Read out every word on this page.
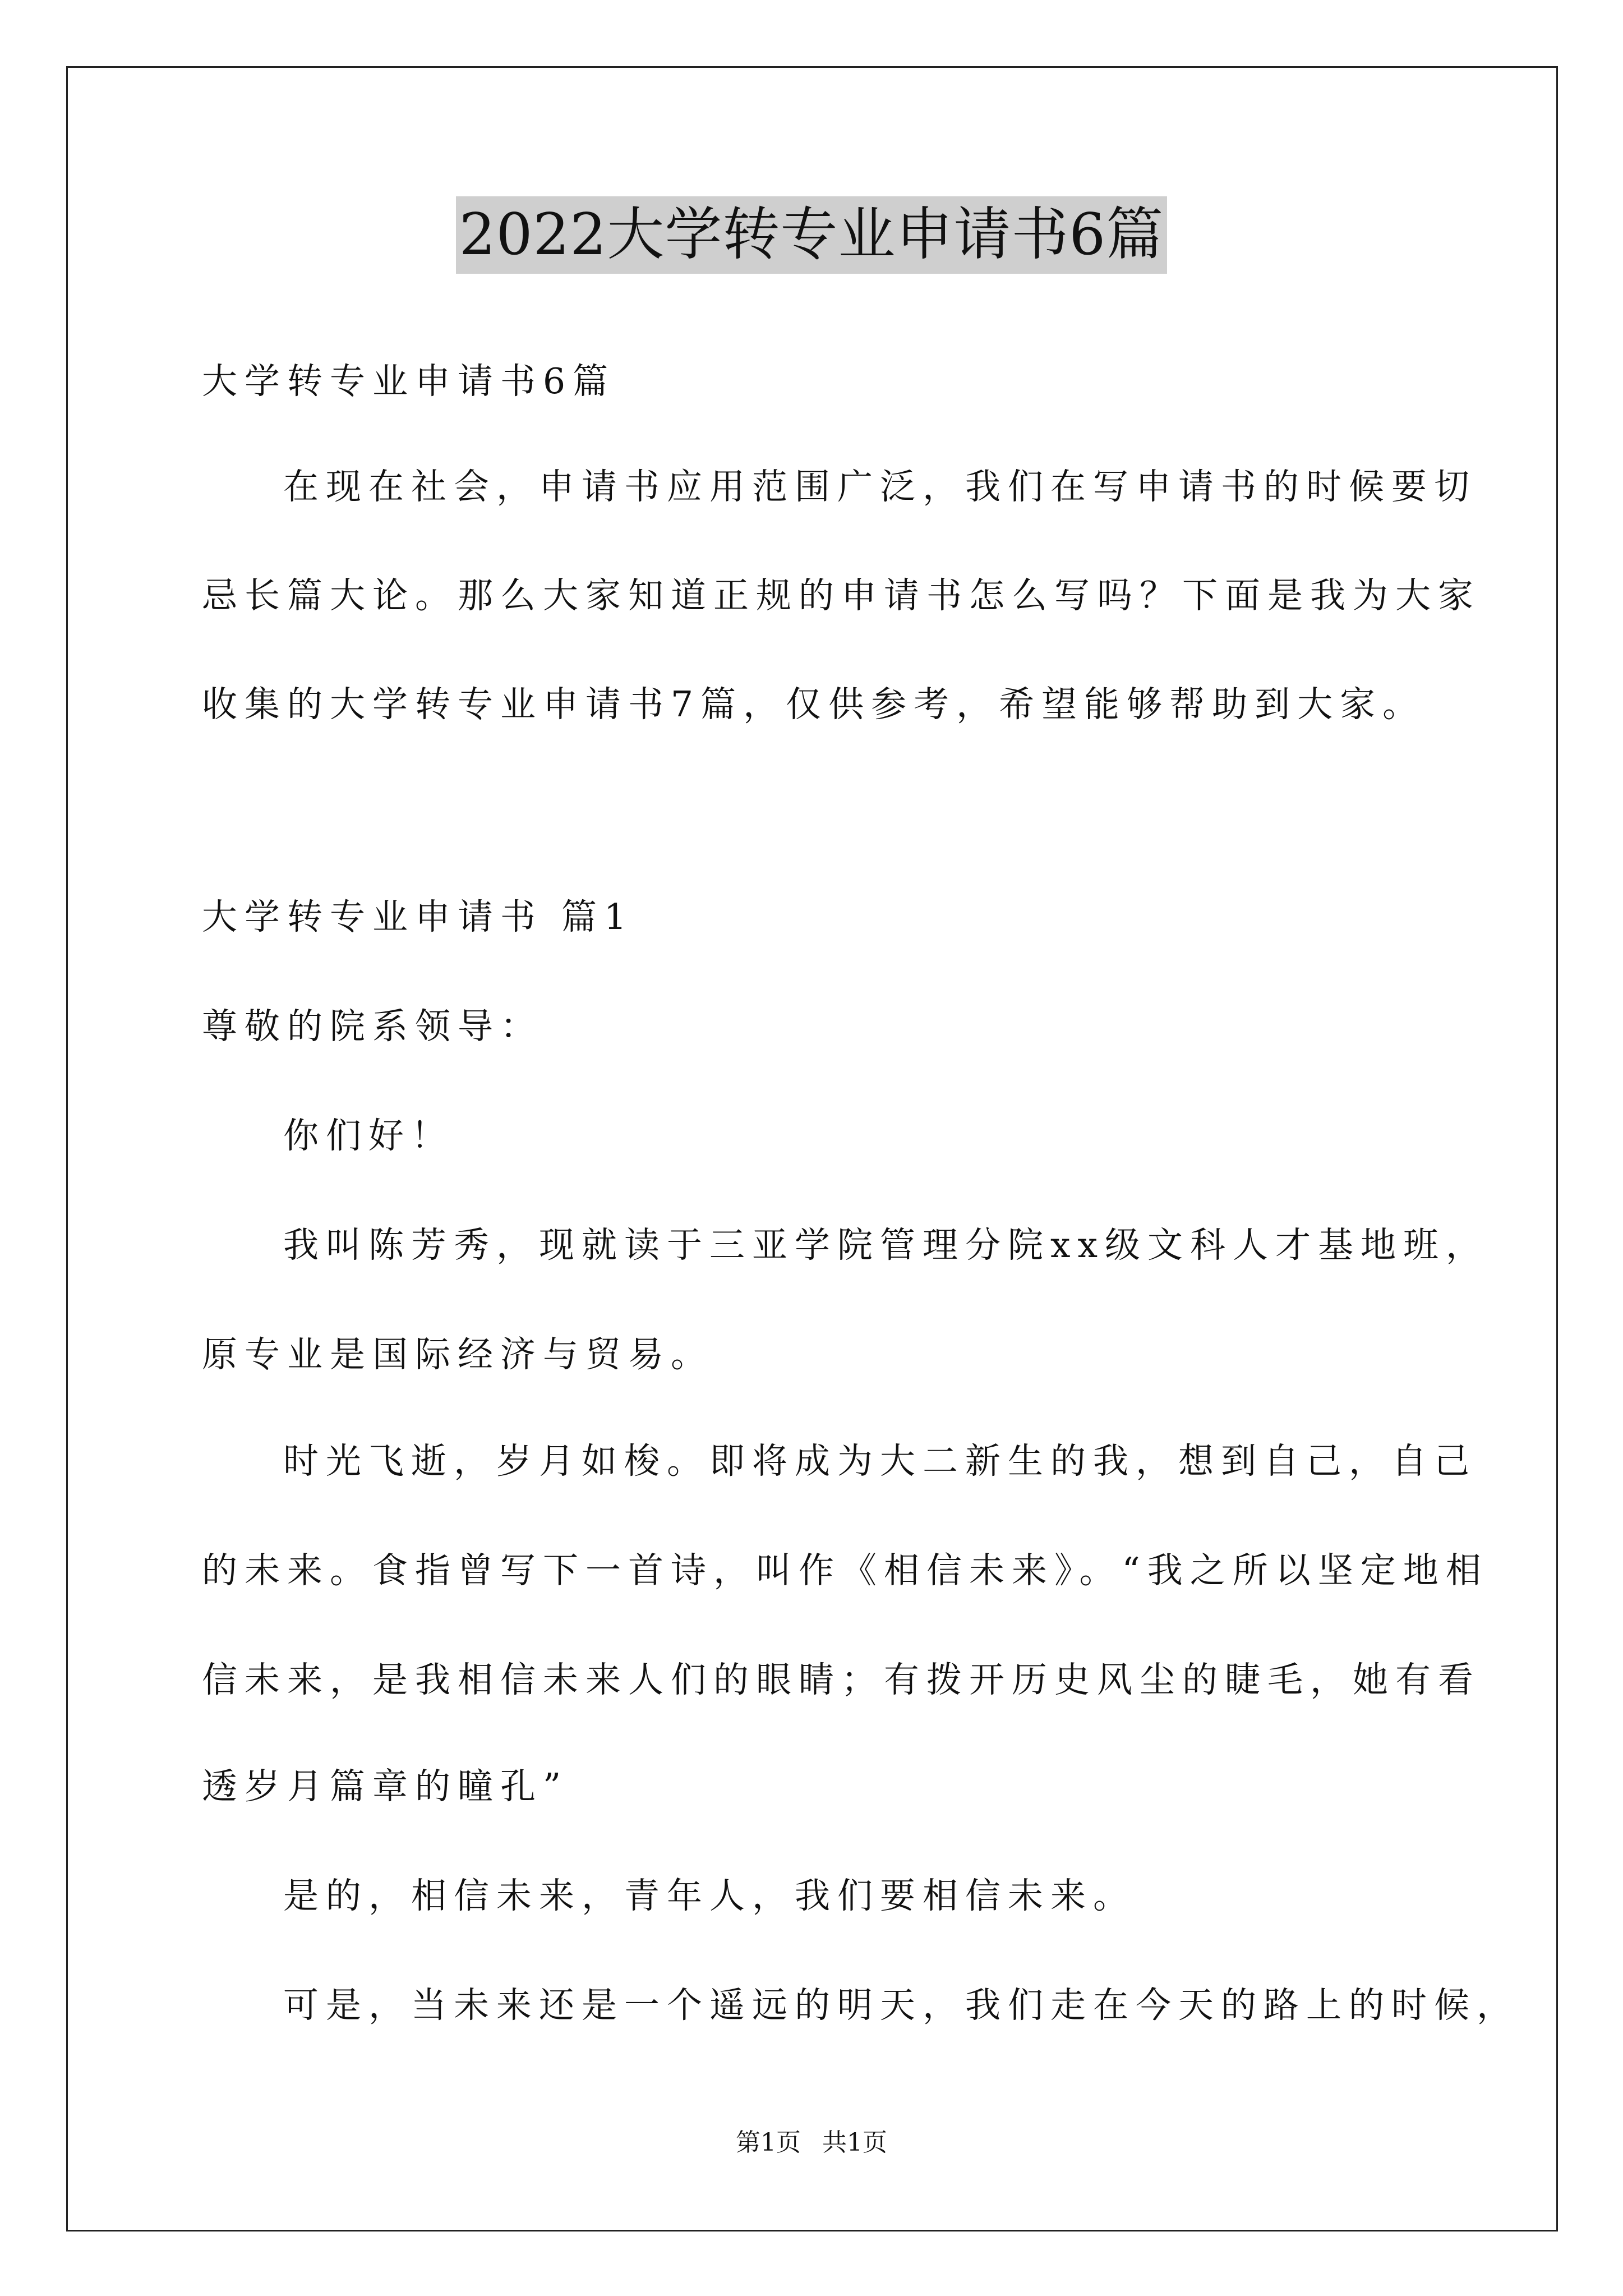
2022大学转专业申请书6篇
大学转专业申请书6篇
在现在社会，申请书应用范围广泛，我们在写申请书的时候要切
忌长篇大论。那么大家知道正规的申请书怎么写吗？下面是我为大家
收集的大学转专业申请书7篇，仅供参考，希望能够帮助到大家。
大学转专业申请书 篇1
尊敬的院系领导：
你们好！
我叫陈芳秀，现就读于三亚学院管理分院xx级文科人才基地班，
原专业是国际经济与贸易。
时光飞逝，岁月如梭。即将成为大二新生的我，想到自己，自己
的未来。食指曾写下一首诗，叫作《相信未来》。“我之所以坚定地相
信未来，是我相信未来人们的眼睛；有拨开历史风尘的睫毛，她有看
透岁月篇章的瞳孔”
是的，相信未来，青年人，我们要相信未来。
可是，当未来还是一个遥远的明天，我们走在今天的路上的时候，
第1页 共1页
